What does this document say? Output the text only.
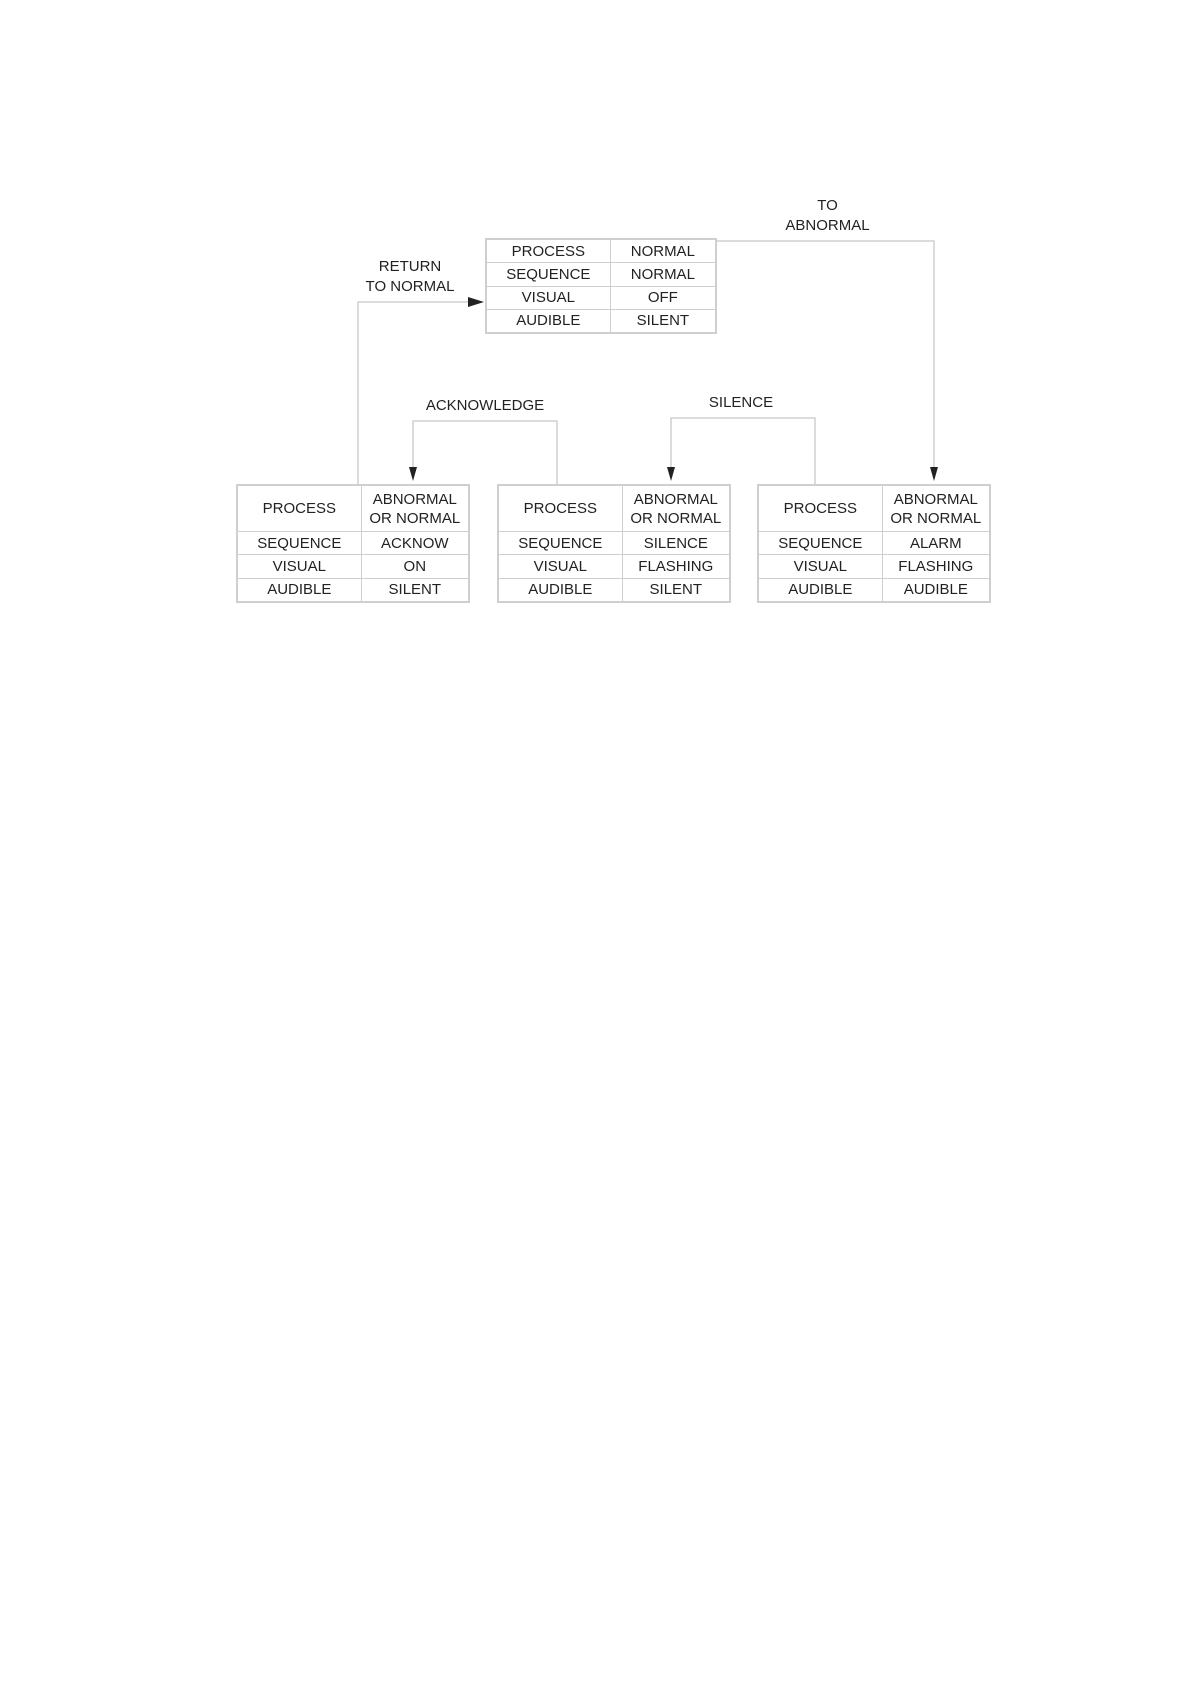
TO
ABNORMAL
RETURN
TO NORMAL
ACKNOWLEDGE	SILENCE
PROCESS	NORMAL
SEQUENCE	NORMAL
VISUAL	OFF
AUDIBLE	SILENT
PROCESS	ABNORMAL
OR NORMAL
SEQUENCE	ACKNOW
VISUAL	ON
AUDIBLE	SILENT
PROCESS	ABNORMAL
OR NORMAL
SEQUENCE	SILENCE
VISUAL	FLASHING
AUDIBLE	SILENT
PROCESS	ABNORMAL
OR NORMAL
SEQUENCE	ALARM
VISUAL	FLASHING
AUDIBLE	AUDIBLE
